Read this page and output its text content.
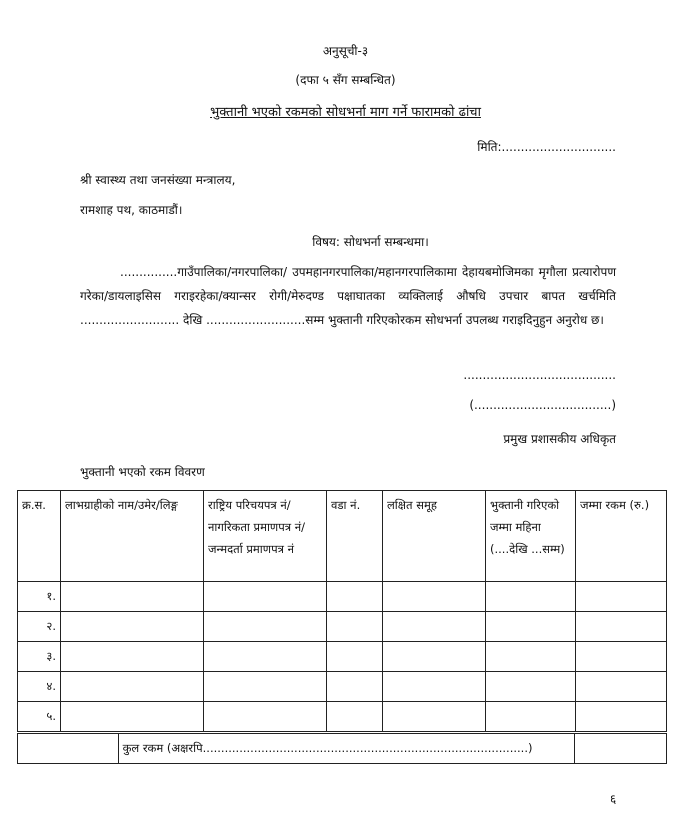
अनुसूची-३
(दफा ५ सँग सम्बन्धित)
भुक्तानी भएको रकमको सोधभर्ना माग गर्ने फारामको ढांचा
मिति:..............................
श्री स्वास्थ्य तथा जनसंख्या मन्त्रालय,
रामशाह पथ, काठमाडौं।
विषय: सोधभर्ना सम्बन्धमा।
...............गाउँपालिका/नगरपालिका/ उपमहानगरपालिका/महानगरपालिकामा देहायबमोजिमका मृगौला प्रत्यारोपण गरेका/डायलाइसिस गराइरहेका/क्यान्सर रोगी/मेरुदण्ड पक्षाघातका व्यक्तिलाई औषधि उपचार बापत खर्चमिति .......................... देखि ..........................सम्म भुक्तानी गरिएकोरकम सोधभर्ना उपलब्ध गराइदिनुहुन अनुरोध छ।
........................................
(....................................)
प्रमुख प्रशासकीय अधिकृत
भुक्तानी भएको रकम विवरण
क्र.स.	लाभग्राहीको नाम/उमेर/लिङ्ग	राष्ट्रिय परिचयपत्र नं/नागरिकता प्रमाणपत्र नं/ जन्मदर्ता प्रमाणपत्र नं	वडा नं.	लक्षित समूह	भुक्तानी गरिएको जम्मा महिना (....देखि ...सम्म)	जम्मा रकम (रु.)
१.						
२.						
३.						
४.						
५.						
	कुल रकम (अक्षरपि.........................................................................................)	
६
